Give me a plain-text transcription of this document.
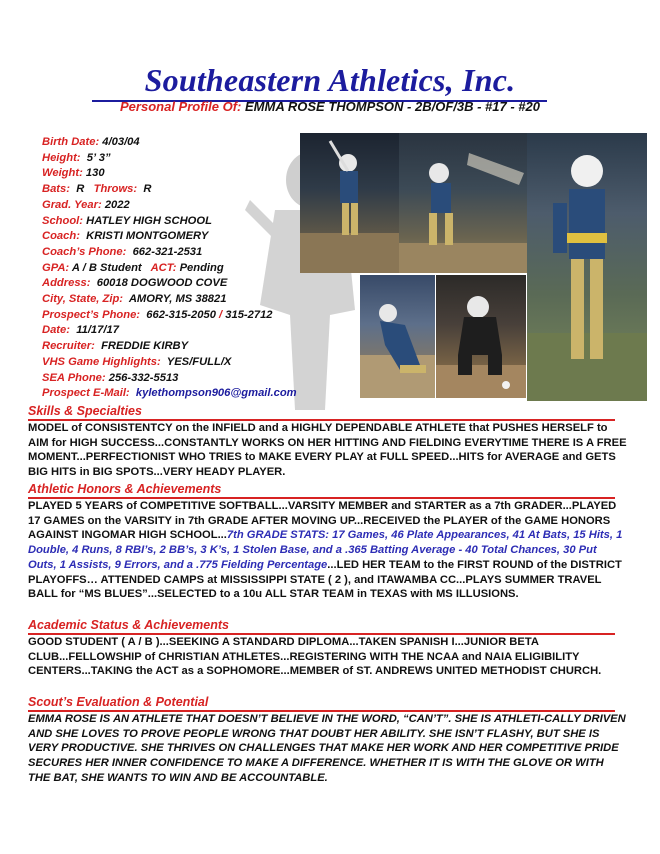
Southeastern Athletics, Inc.
Personal Profile Of: EMMA ROSE THOMPSON - 2B/OF/3B - #17 - #20
Birth Date: 4/03/04
Height: 5’ 3”
Weight: 130
Bats: R Throws: R
Grad. Year: 2022
School: HATLEY HIGH SCHOOL
Coach: KRISTI MONTGOMERY
Coach’s Phone: 662-321-2531
GPA: A / B Student ACT: Pending
Address: 60018 DOGWOOD COVE
City, State, Zip: AMORY, MS 38821
Prospect’s Phone: 662-315-2050 / 315-2712
Date: 11/17/17
Recruiter: FREDDIE KIRBY
VHS Game Highlights: YES/FULL/X
SEA Phone: 256-332-5513
Prospect E-Mail: kylethompson906@gmail.com
Skills & Specialties
MODEL of CONSISTENTCY on the INFIELD and a HIGHLY DEPENDABLE ATHLETE that PUSHES HERSELF to AIM for HIGH SUCCESS...CONSTANTLY WORKS ON HER HITTING AND FIELDING EVERYTIME THERE IS A FREE MOMENT...PERFECTIONIST WHO TRIES to MAKE EVERY PLAY at FULL SPEED...HITS for AVERAGE and GETS BIG HITS in BIG SPOTS...VERY HEADY PLAYER.
Athletic Honors & Achievements
PLAYED 5 YEARS of COMPETITIVE SOFTBALL...VARSITY MEMBER and STARTER as a 7th GRADER...PLAYED 17 GAMES on the VARSITY in 7th GRADE AFTER MOVING UP...RECEIVED the PLAYER of the GAME HONORS AGAINST INGOMAR HIGH SCHOOL...7th GRADE STATS: 17 Games, 46 Plate Appearances, 41 At Bats, 15 Hits, 1 Double, 4 Runs, 8 RBI’s, 2 BB’s, 3 K’s, 1 Stolen Base, and a .365 Batting Average - 40 Total Chances, 30 Put Outs, 1 Assists, 9 Errors, and a .775 Fielding Percentage...LED HER TEAM to the FIRST ROUND of the DISTRICT PLAYOFFS… ATTENDED CAMPS at MISSISSIPPI STATE ( 2 ), and ITAWAMBA CC...PLAYS SUMMER TRAVEL BALL for “MS BLUES”...SELECTED to a 10u ALL STAR TEAM in TEXAS with MS ILLUSIONS.
Academic Status & Achievements
GOOD STUDENT ( A / B )...SEEKING A STANDARD DIPLOMA...TAKEN SPANISH I...JUNIOR BETA CLUB...FELLOWSHIP of CHRISTIAN ATHLETES...REGISTERING WITH THE NCAA and NAIA ELIGIBILITY CENTERS...TAKING the ACT as a SOPHOMORE...MEMBER of ST. ANDREWS UNITED METHODIST CHURCH.
Scout’s Evaluation & Potential
EMMA ROSE IS AN ATHLETE THAT DOESN’T BELIEVE IN THE WORD, “CAN’T”. SHE IS ATHLETI-CALLY DRIVEN AND SHE LOVES TO PROVE PEOPLE WRONG THAT DOUBT HER ABILITY. SHE ISN’T FLASHY, BUT SHE IS VERY PRODUCTIVE. SHE THRIVES ON CHALLENGES THAT MAKE HER WORK AND HER COMPETITIVE PRIDE SECURES HER INNER CONFIDENCE TO MAKE A DIFFERENCE. WHETHER IT IS WITH THE GLOVE OR WITH THE BAT, SHE WANTS TO WIN AND BE ACCOUNTABLE.
